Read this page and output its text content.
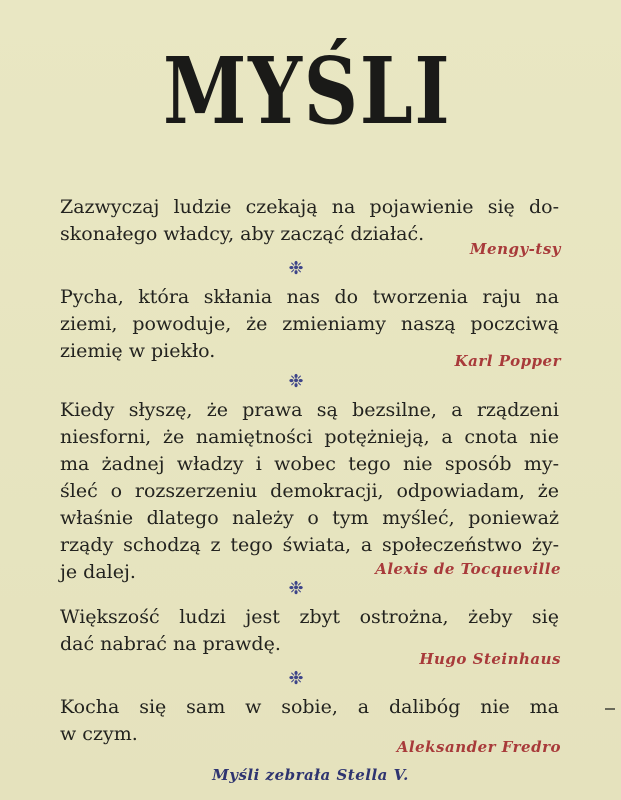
MYŚLI
Zazwyczaj ludzie czekają na pojawienie się do-
skonałego władcy, aby zacząć działać.
Mengy-tsy
❉
Pycha, która skłania nas do tworzenia raju na
ziemi, powoduje, że zmieniamy naszą poczciwą
ziemię w piekło.	Karl Popper
❉
Kiedy słyszę, że prawa są bezsilne, a rządzeni
niesforni, że namiętności potężnieją, a cnota nie
ma żadnej władzy i wobec tego nie sposób my-
śleć o rozszerzeniu demokracji, odpowiadam, że
właśnie dlatego należy o tym myśleć, ponieważ
rządy schodzą z tego świata, a społeczeństwo ży-
je dalej.	Alexis de Tocqueville
❉
Większość ludzi jest zbyt ostrożna, żeby się
dać nabrać na prawdę.
Hugo Steinhaus
❉
Kocha się sam w sobie, a dalibóg nie ma
w czym.
Aleksander Fredro
Myśli zebrała Stella V.
